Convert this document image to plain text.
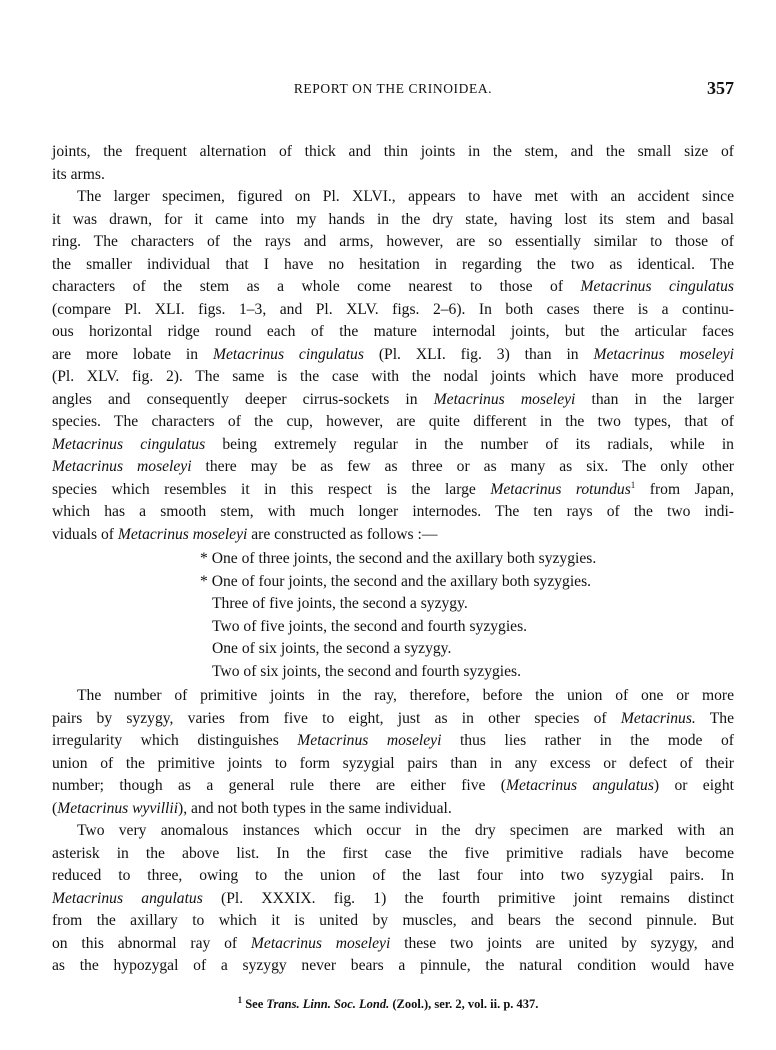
REPORT ON THE CRINOIDEA.	357
joints, the frequent alternation of thick and thin joints in the stem, and the small size of
its arms.
The larger specimen, figured on Pl. XLVI., appears to have met with an accident since
it was drawn, for it came into my hands in the dry state, having lost its stem and basal
ring. The characters of the rays and arms, however, are so essentially similar to those of
the smaller individual that I have no hesitation in regarding the two as identical. The
characters of the stem as a whole come nearest to those of Metacrinus cingulatus
(compare Pl. XLI. figs. 1–3, and Pl. XLV. figs. 2–6). In both cases there is a continu-
ous horizontal ridge round each of the mature internodal joints, but the articular faces
are more lobate in Metacrinus cingulatus (Pl. XLI. fig. 3) than in Metacrinus moseleyi
(Pl. XLV. fig. 2). The same is the case with the nodal joints which have more produced
angles and consequently deeper cirrus-sockets in Metacrinus moseleyi than in the larger
species. The characters of the cup, however, are quite different in the two types, that of
Metacrinus cingulatus being extremely regular in the number of its radials, while in
Metacrinus moseleyi there may be as few as three or as many as six. The only other
species which resembles it in this respect is the large Metacrinus rotundus$^1$ from Japan,
which has a smooth stem, with much longer internodes. The ten rays of the two indi-
viduals of Metacrinus moseleyi are constructed as follows :—
* One of three joints, the second and the axillary both syzygies.
* One of four joints, the second and the axillary both syzygies.
Three of five joints, the second a syzygy.
Two of five joints, the second and fourth syzygies.
One of six joints, the second a syzygy.
Two of six joints, the second and fourth syzygies.
The number of primitive joints in the ray, therefore, before the union of one or more
pairs by syzygy, varies from five to eight, just as in other species of Metacrinus. The
irregularity which distinguishes Metacrinus moseleyi thus lies rather in the mode of
union of the primitive joints to form syzygial pairs than in any excess or defect of their
number; though as a general rule there are either five (Metacrinus angulatus) or eight
(Metacrinus wyvillii), and not both types in the same individual.
Two very anomalous instances which occur in the dry specimen are marked with an
asterisk in the above list. In the first case the five primitive radials have become
reduced to three, owing to the union of the last four into two syzygial pairs. In
Metacrinus angulatus (Pl. XXXIX. fig. 1) the fourth primitive joint remains distinct
from the axillary to which it is united by muscles, and bears the second pinnule. But
on this abnormal ray of Metacrinus moseleyi these two joints are united by syzygy, and
as the hypozygal of a syzygy never bears a pinnule, the natural condition would have
$^1$ See Trans. Linn. Soc. Lond. (Zool.), ser. 2, vol. ii. p. 437.
